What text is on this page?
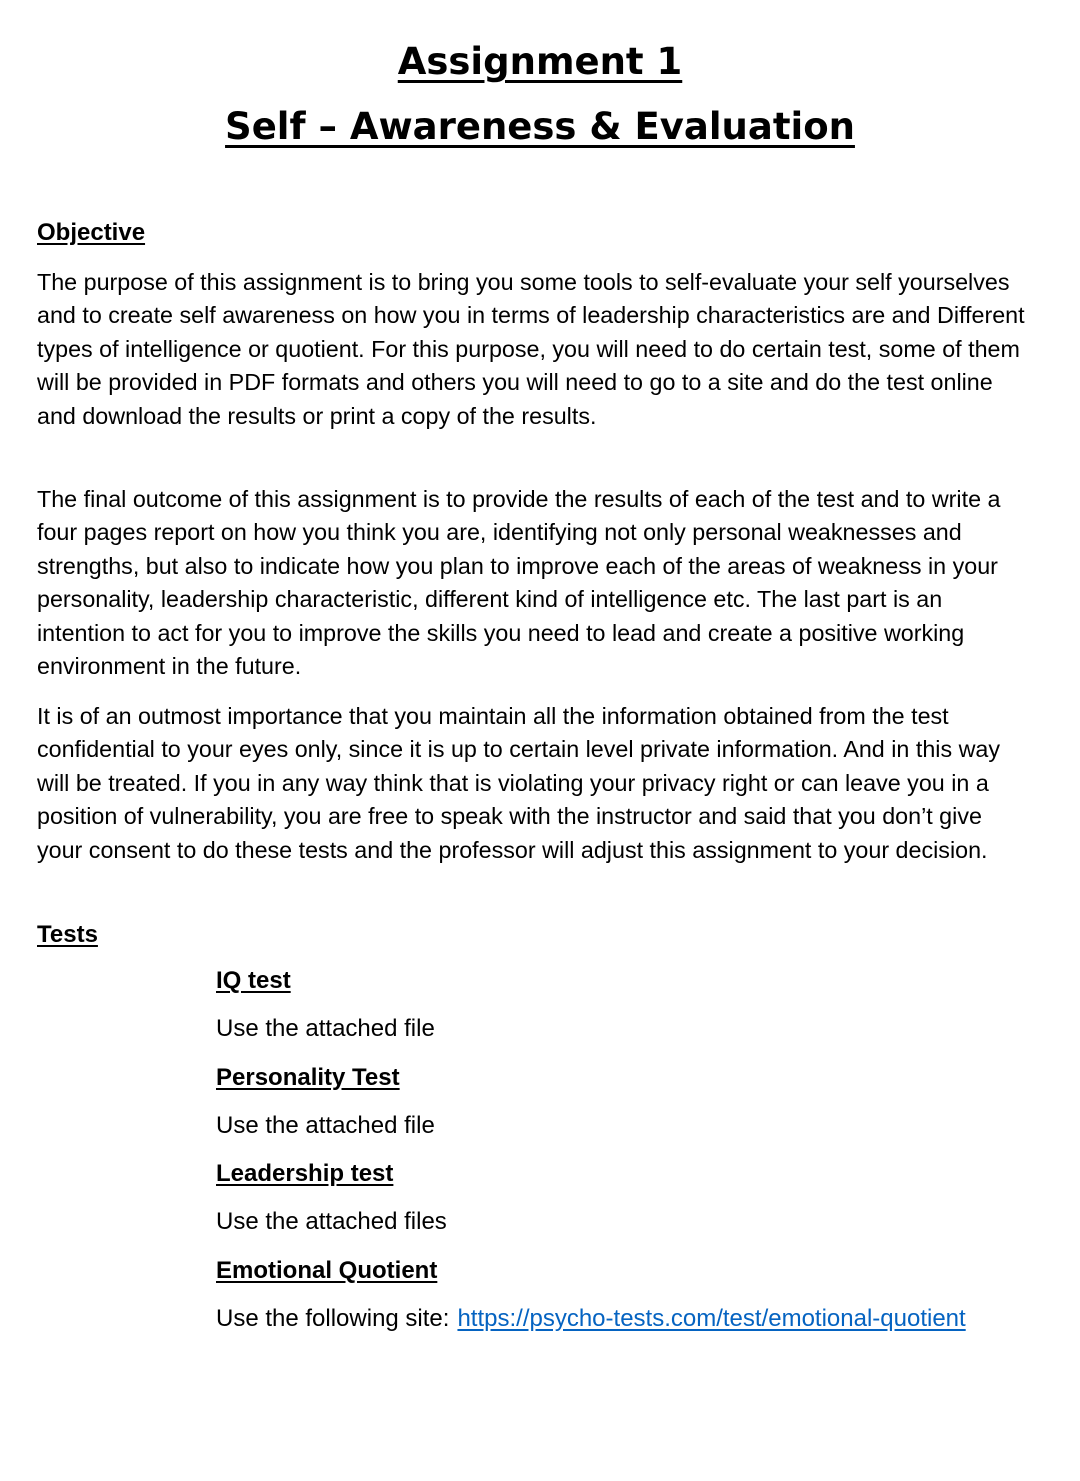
Assignment 1
Self – Awareness & Evaluation
Objective

The purpose of this assignment is to bring you some tools to self-evaluate your self yourselves and to create self awareness on how you in terms of leadership characteristics are and Different types of intelligence or quotient. For this purpose, you will need to do certain test, some of them will be provided in PDF formats and others you will need to go to a site and do the test online and download the results or print a copy of the results.

The final outcome of this assignment is to provide the results of each of the test and to write a four pages report on how you think you are, identifying not only personal weaknesses and strengths, but also to indicate how you plan to improve each of the areas of weakness in your personality, leadership characteristic, different kind of intelligence etc. The last part is an intention to act for you to improve the skills you need to lead and create a positive working environment in the future.

It is of an outmost importance that you maintain all the information obtained from the test confidential to your eyes only, since it is up to certain level private information. And in this way will be treated. If you in any way think that is violating your privacy right or can leave you in a position of vulnerability, you are free to speak with the instructor and said that you don’t give your consent to do these tests and the professor will adjust this assignment to your decision.

Tests
IQ test
Use the attached file
Personality Test
Use the attached file
Leadership test
Use the attached files
Emotional Quotient
Use the following site: https://psycho-tests.com/test/emotional-quotient
